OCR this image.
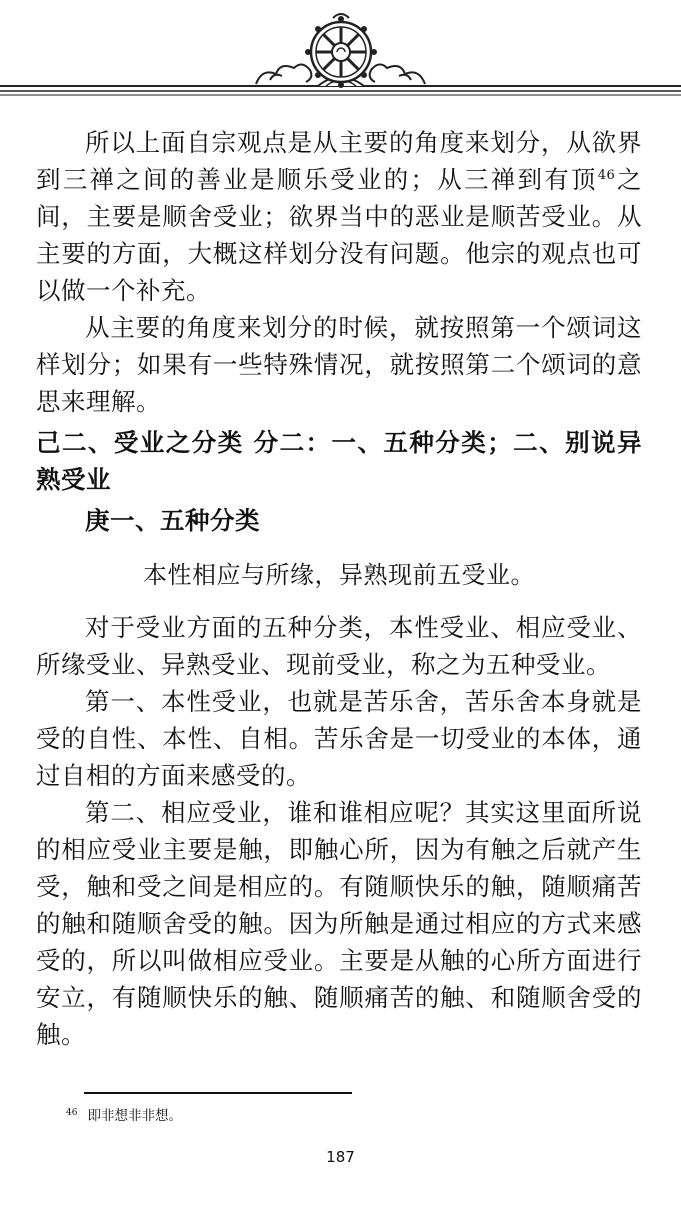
所以上面自宗观点是从主要的角度来划分，从欲界到三禅之间的善业是顺乐受业的；从三禅到有顶$^{46}$之间，主要是顺舍受业；欲界当中的恶业是顺苦受业。从主要的方面，大概这样划分没有问题。他宗的观点也可以做一个补充。

从主要的角度来划分的时候，就按照第一个颂词这样划分；如果有一些特殊情况，就按照第二个颂词的意思来理解。

己二、受业之分类 分二：一、五种分类；二、别说异熟受业

庚一、五种分类

本性相应与所缘，异熟现前五受业。

对于受业方面的五种分类，本性受业、相应受业、所缘受业、异熟受业、现前受业，称之为五种受业。

第一、本性受业，也就是苦乐舍，苦乐舍本身就是受的自性、本性、自相。苦乐舍是一切受业的本体，通过自相的方面来感受的。

第二、相应受业，谁和谁相应呢？其实这里面所说的相应受业主要是触，即触心所，因为有触之后就产生受，触和受之间是相应的。有随顺快乐的触，随顺痛苦的触和随顺舍受的触。因为所触是通过相应的方式来感受的，所以叫做相应受业。主要是从触的心所方面进行安立，有随顺快乐的触、随顺痛苦的触、和随顺舍受的触。

$^{46}$ 即非想非非想。
187
